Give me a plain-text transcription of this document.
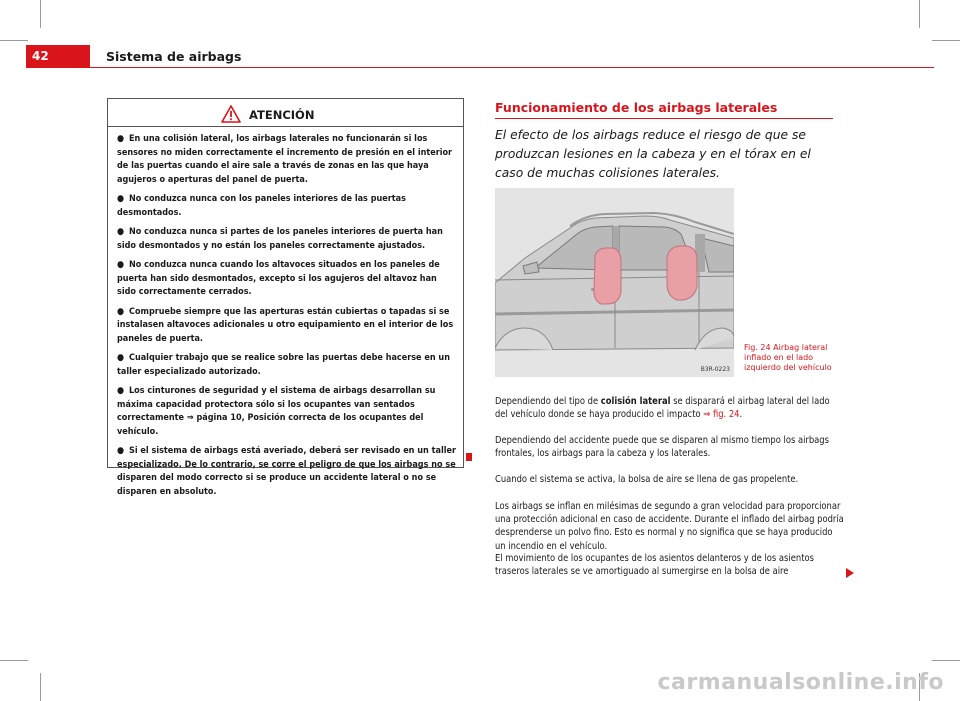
42	Sistema de airbags
ATENCIÓN
● En una colisión lateral, los airbags laterales no funcionarán si los sensores no miden correctamente el incremento de presión en el interior de las puertas cuando el aire sale a través de zonas en las que haya agujeros o aperturas del panel de puerta.
● No conduzca nunca con los paneles interiores de las puertas desmontados.
● No conduzca nunca si partes de los paneles interiores de puerta han sido desmontados y no están los paneles correctamente ajustados.
● No conduzca nunca cuando los altavoces situados en los paneles de puerta han sido desmontados, excepto si los agujeros del altavoz han sido correctamente cerrados.
● Compruebe siempre que las aperturas están cubiertas o tapadas si se instalasen altavoces adicionales u otro equipamiento en el interior de los paneles de puerta.
● Cualquier trabajo que se realice sobre las puertas debe hacerse en un taller especializado autorizado.
● Los cinturones de seguridad y el sistema de airbags desarrollan su máxima capacidad protectora sólo si los ocupantes van sentados correctamente ⇒ página 10, Posición correcta de los ocupantes del vehículo.
● Si el sistema de airbags está averiado, deberá ser revisado en un taller especializado. De lo contrario, se corre el peligro de que los airbags no se disparen del modo correcto si se produce un accidente lateral o no se disparen en absoluto.
Funcionamiento de los airbags laterales
El efecto de los airbags reduce el riesgo de que se produzcan lesiones en la cabeza y en el tórax en el caso de muchas colisiones laterales.
B3R-0223
Fig. 24 Airbag lateral inflado en el lado izquierdo del vehículo
Dependiendo del tipo de colisión lateral se disparará el airbag lateral del lado del vehículo donde se haya producido el impacto ⇒ fig. 24.
Dependiendo del accidente puede que se disparen al mismo tiempo los airbags frontales, los airbags para la cabeza y los laterales.
Cuando el sistema se activa, la bolsa de aire se llena de gas propelente.
Los airbags se inflan en milésimas de segundo a gran velocidad para proporcionar una protección adicional en caso de accidente. Durante el inflado del airbag podría desprenderse un polvo fino. Esto es normal y no significa que se haya producido un incendio en el vehículo.
El movimiento de los ocupantes de los asientos delanteros y de los asientos traseros laterales se ve amortiguado al sumergirse en la bolsa de aire
carmanualsonline.info
